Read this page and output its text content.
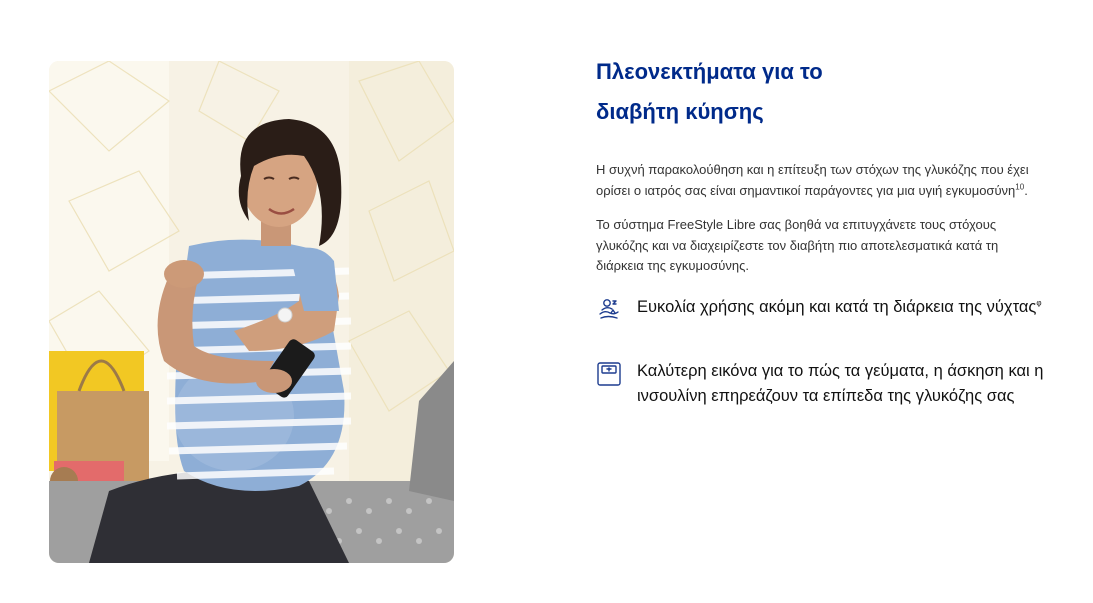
Πλεονεκτήματα για το
διαβήτη κύησης

Η συχνή παρακολούθηση και η επίτευξη των στόχων της γλυκόζης που έχει ορίσει ο ιατρός σας είναι σημαντικοί παράγοντες για μια υγιή εγκυμοσύνη$^{10}$.

Το σύστημα FreeStyle Libre σας βοηθά να επιτυγχάνετε τους στόχους γλυκόζης και να διαχειρίζεστε τον διαβήτη πιο αποτελεσματικά κατά τη διάρκεια της εγκυμοσύνης.

Ευκολία χρήσης ακόμη και κατά τη διάρκεια της νύχτας$^\varphi$
Καλύτερη εικόνα για το πώς τα γεύματα, η άσκηση και η ινσουλίνη επηρεάζουν τα επίπεδα της γλυκόζης σας
